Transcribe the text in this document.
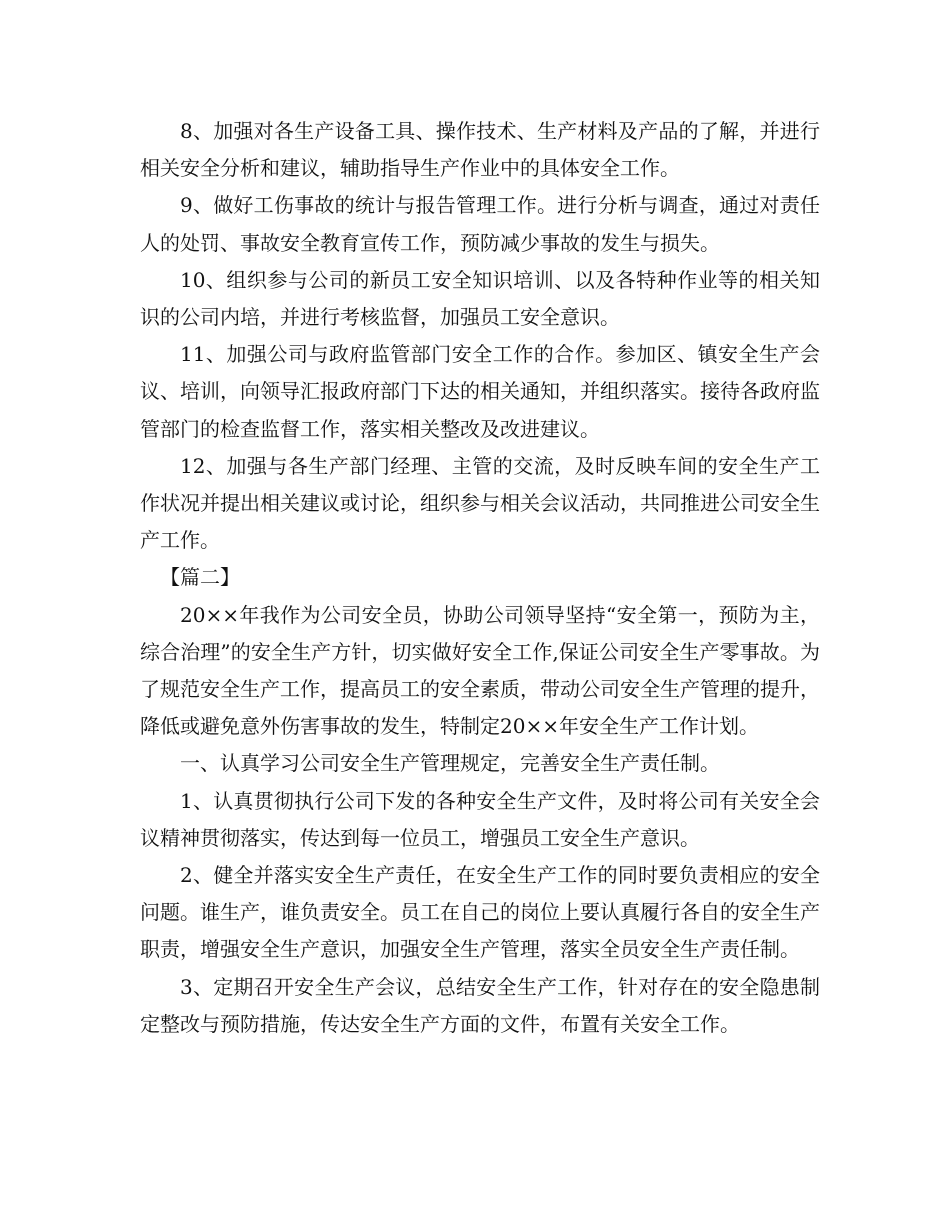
8、加强对各生产设备工具、操作技术、生产材料及产品的了解，并进行相关安全分析和建议，辅助指导生产作业中的具体安全工作。

9、做好工伤事故的统计与报告管理工作。进行分析与调查，通过对责任人的处罚、事故安全教育宣传工作，预防减少事故的发生与损失。

10、组织参与公司的新员工安全知识培训、以及各特种作业等的相关知识的公司内培，并进行考核监督，加强员工安全意识。

11、加强公司与政府监管部门安全工作的合作。参加区、镇安全生产会议、培训，向领导汇报政府部门下达的相关通知，并组织落实。接待各政府监管部门的检查监督工作，落实相关整改及改进建议。

12、加强与各生产部门经理、主管的交流，及时反映车间的安全生产工作状况并提出相关建议或讨论，组织参与相关会议活动，共同推进公司安全生产工作。

【篇二】

20××年我作为公司安全员，协助公司领导坚持“安全第一，预防为主，综合治理”的安全生产方针，切实做好安全工作,保证公司安全生产零事故。为了规范安全生产工作，提高员工的安全素质，带动公司安全生产管理的提升，降低或避免意外伤害事故的发生，特制定20××年安全生产工作计划。

一、认真学习公司安全生产管理规定，完善安全生产责任制。

1、认真贯彻执行公司下发的各种安全生产文件，及时将公司有关安全会议精神贯彻落实，传达到每一位员工，增强员工安全生产意识。

2、健全并落实安全生产责任，在安全生产工作的同时要负责相应的安全问题。谁生产，谁负责安全。员工在自己的岗位上要认真履行各自的安全生产职责，增强安全生产意识，加强安全生产管理，落实全员安全生产责任制。

3、定期召开安全生产会议，总结安全生产工作，针对存在的安全隐患制定整改与预防措施，传达安全生产方面的文件，布置有关安全工作。
